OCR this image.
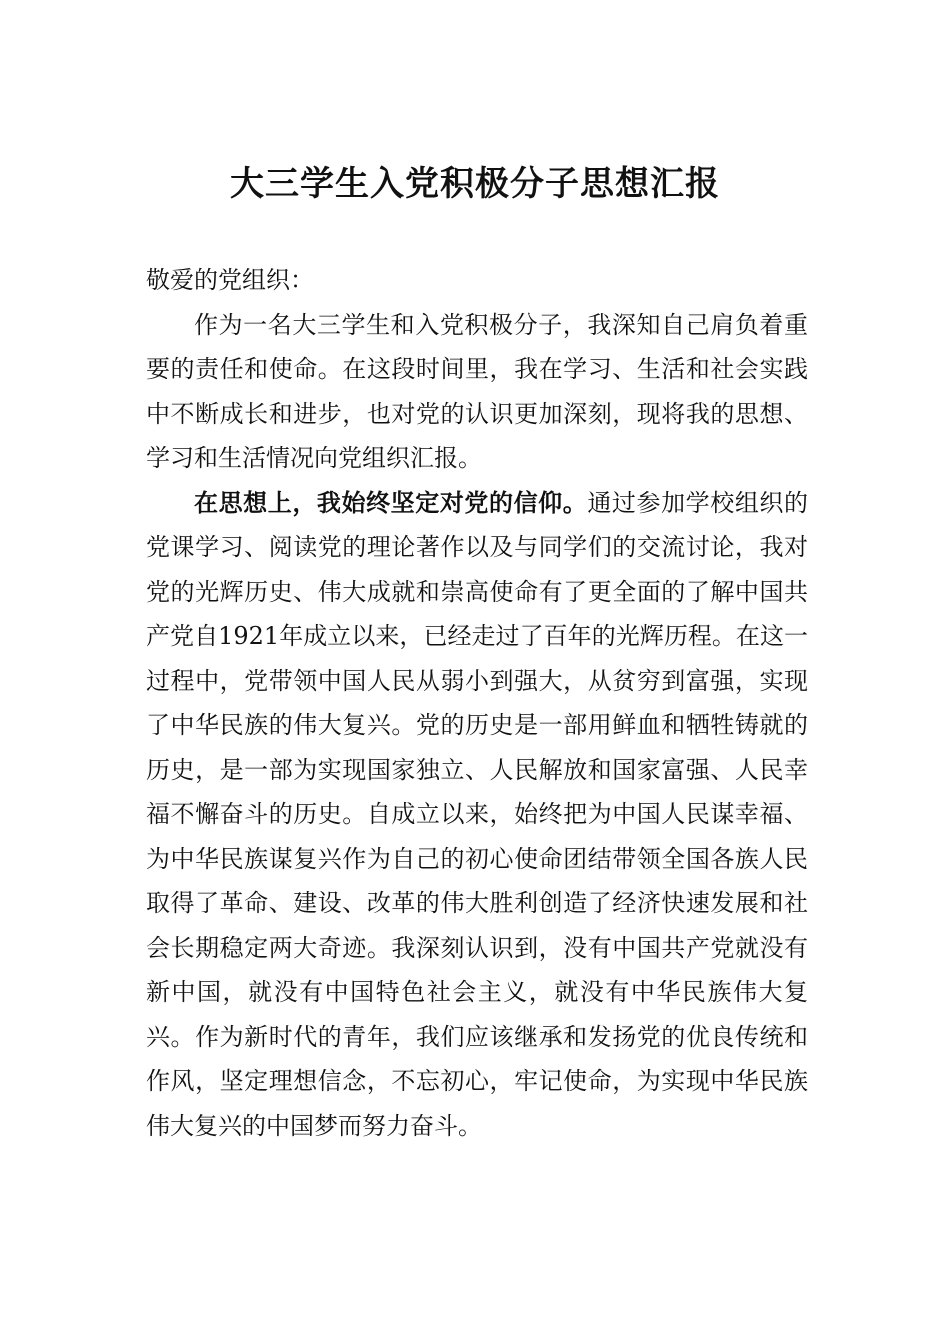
大三学生入党积极分子思想汇报

敬爱的党组织：

作为一名大三学生和入党积极分子，我深知自己肩负着重要的责任和使命。在这段时间里，我在学习、生活和社会实践中不断成长和进步，也对党的认识更加深刻，现将我的思想、学习和生活情况向党组织汇报。

在思想上，我始终坚定对党的信仰。通过参加学校组织的党课学习、阅读党的理论著作以及与同学们的交流讨论，我对党的光辉历史、伟大成就和崇高使命有了更全面的了解中国共产党自1921年成立以来，已经走过了百年的光辉历程。在这一过程中，党带领中国人民从弱小到强大，从贫穷到富强，实现了中华民族的伟大复兴。党的历史是一部用鲜血和牺牲铸就的历史，是一部为实现国家独立、人民解放和国家富强、人民幸福不懈奋斗的历史。自成立以来，始终把为中国人民谋幸福、为中华民族谋复兴作为自己的初心使命团结带领全国各族人民取得了革命、建设、改革的伟大胜利创造了经济快速发展和社会长期稳定两大奇迹。我深刻认识到，没有中国共产党就没有新中国，就没有中国特色社会主义，就没有中华民族伟大复兴。作为新时代的青年，我们应该继承和发扬党的优良传统和作风，坚定理想信念，不忘初心，牢记使命，为实现中华民族伟大复兴的中国梦而努力奋斗。
